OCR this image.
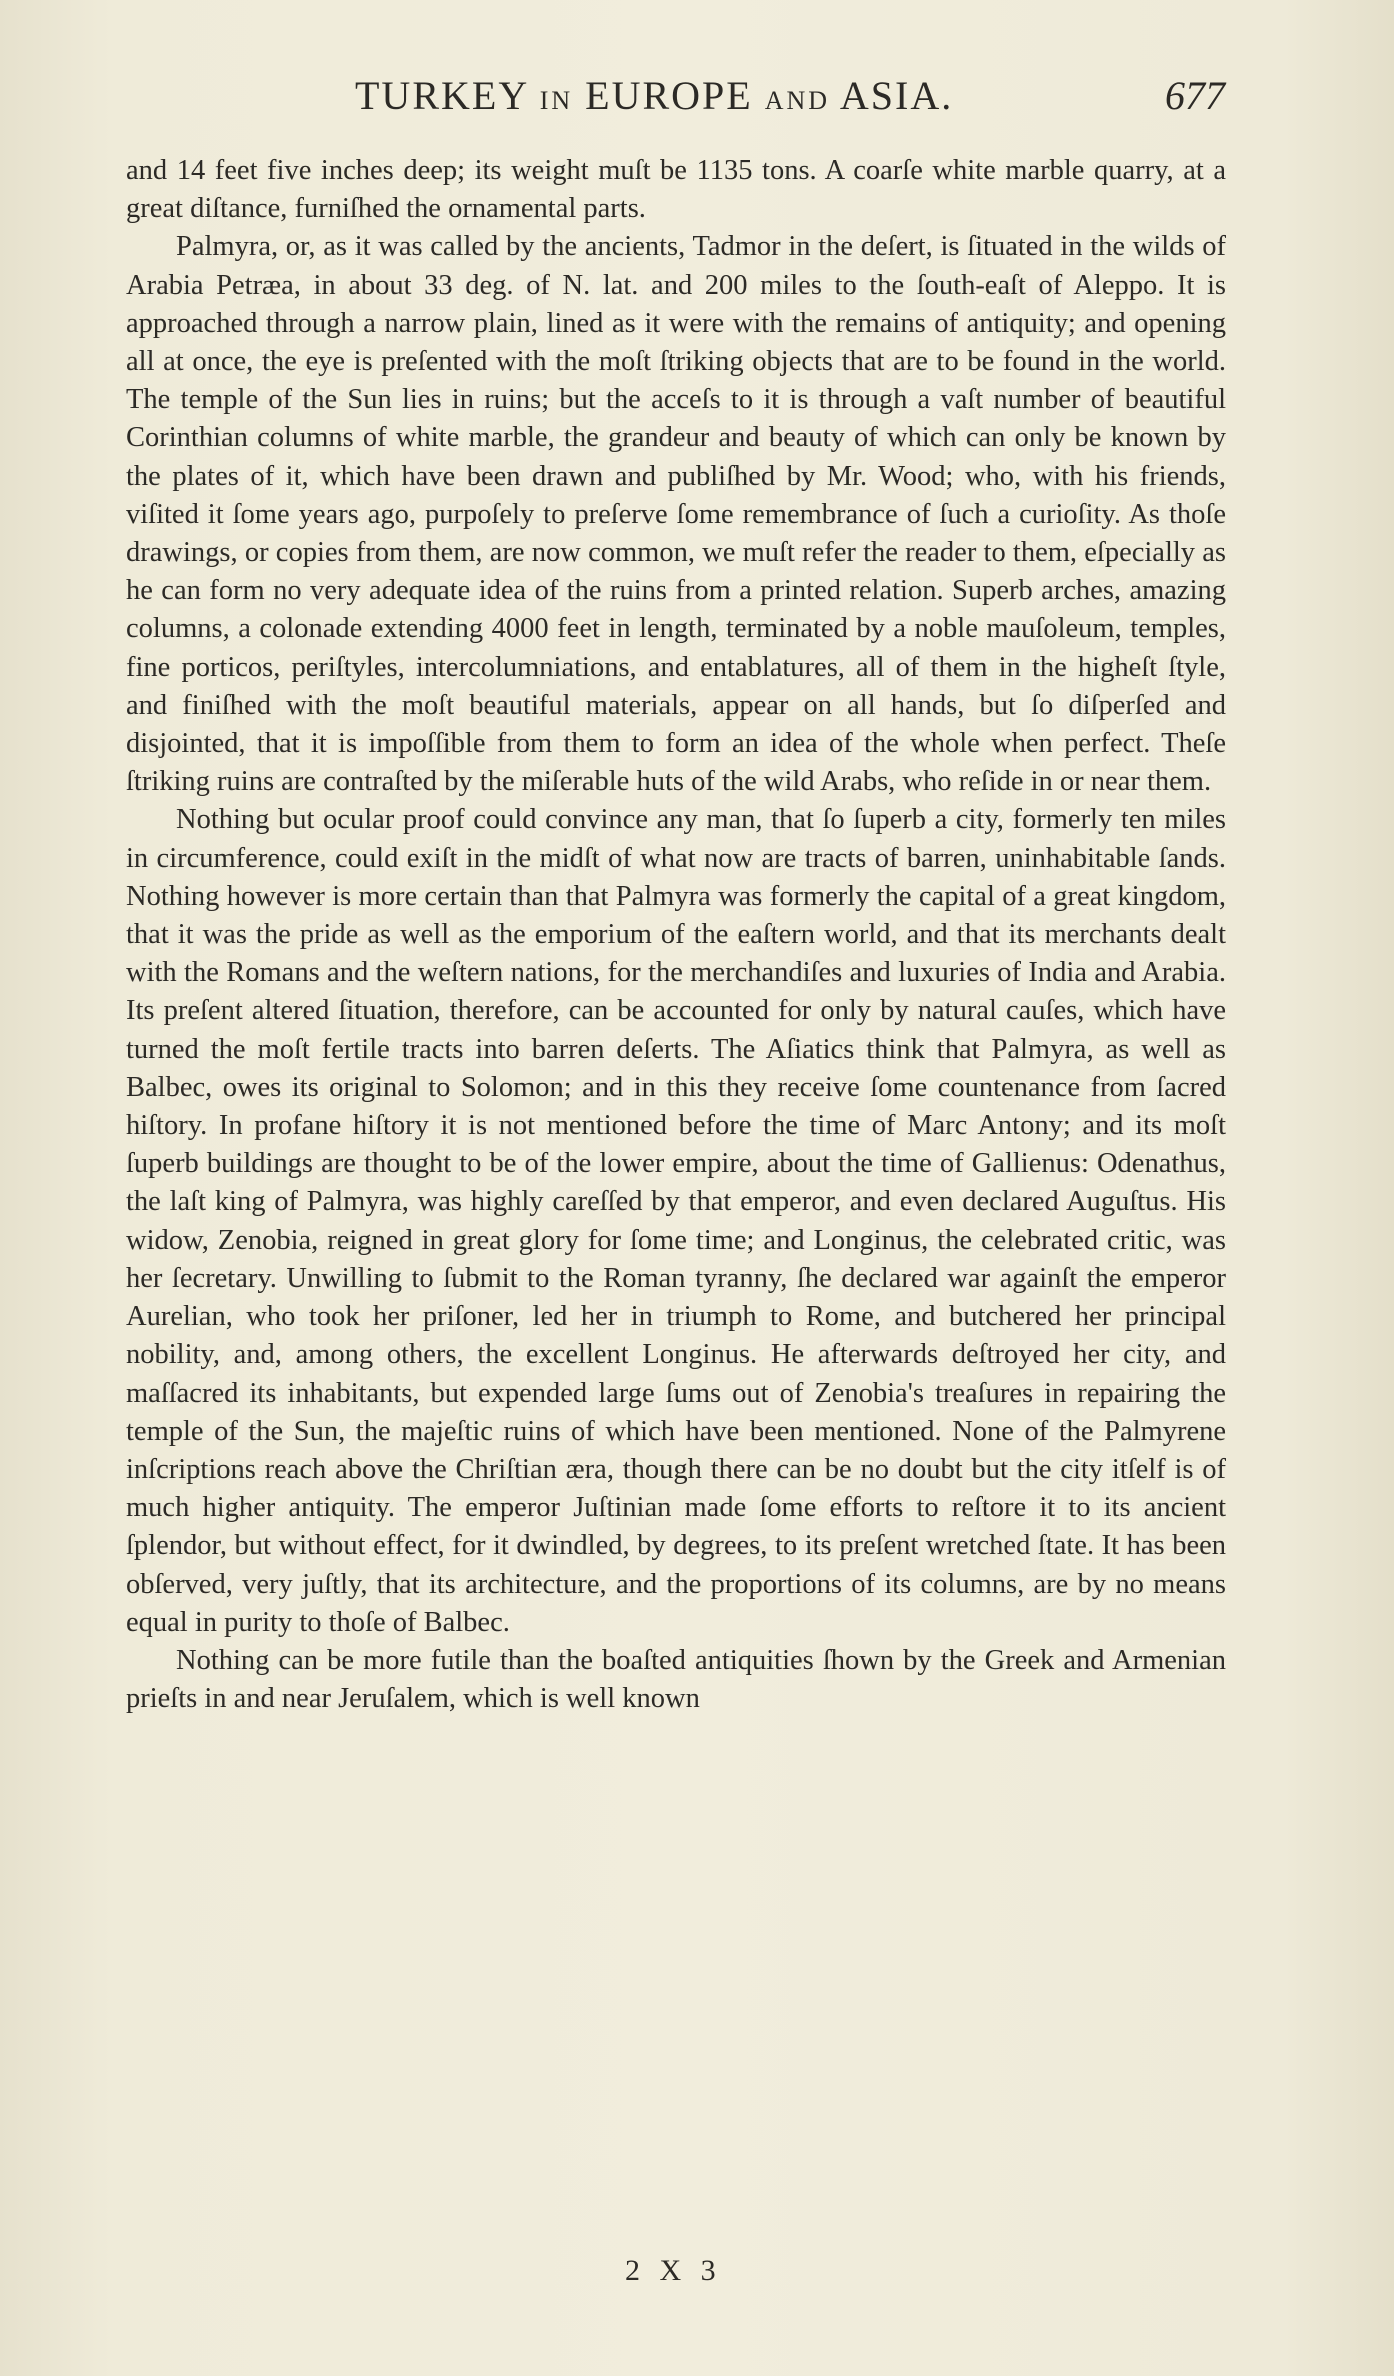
TURKEY IN EUROPE AND ASIA.	677

and 14 feet five inches deep; its weight muſt be 1135 tons. A coarſe white marble quarry, at a great diſtance, furniſhed the ornamental parts.

Palmyra, or, as it was called by the ancients, Tadmor in the deſert, is ſituated in the wilds of Arabia Petræa, in about 33 deg. of N. lat. and 200 miles to the ſouth-eaſt of Aleppo. It is approached through a narrow plain, lined as it were with the remains of antiquity; and opening all at once, the eye is preſented with the moſt ſtriking objects that are to be found in the world. The temple of the Sun lies in ruins; but the acceſs to it is through a vaſt number of beautiful Corinthian columns of white marble, the grandeur and beauty of which can only be known by the plates of it, which have been drawn and publiſhed by Mr. Wood; who, with his friends, viſited it ſome years ago, purpoſely to preſerve ſome remembrance of ſuch a curioſity. As thoſe drawings, or copies from them, are now common, we muſt refer the reader to them, eſpecially as he can form no very adequate idea of the ruins from a printed relation. Superb arches, amazing columns, a colonade extending 4000 feet in length, terminated by a noble mauſoleum, temples, fine porticos, periſtyles, intercolumniations, and entablatures, all of them in the higheſt ſtyle, and finiſhed with the moſt beautiful materials, appear on all hands, but ſo diſperſed and disjointed, that it is impoſſible from them to form an idea of the whole when perfect. Theſe ſtriking ruins are contraſted by the miſerable huts of the wild Arabs, who reſide in or near them.

Nothing but ocular proof could convince any man, that ſo ſuperb a city, formerly ten miles in circumference, could exiſt in the midſt of what now are tracts of barren, uninhabitable ſands. Nothing however is more certain than that Palmyra was formerly the capital of a great kingdom, that it was the pride as well as the emporium of the eaſtern world, and that its merchants dealt with the Romans and the weſtern nations, for the merchandiſes and luxuries of India and Arabia. Its preſent altered ſituation, therefore, can be accounted for only by natural cauſes, which have turned the moſt fertile tracts into barren deſerts. The Aſiatics think that Palmyra, as well as Balbec, owes its original to Solomon; and in this they receive ſome countenance from ſacred hiſtory. In profane hiſtory it is not mentioned before the time of Marc Antony; and its moſt ſuperb buildings are thought to be of the lower empire, about the time of Gallienus: Odenathus, the laſt king of Palmyra, was highly careſſed by that emperor, and even declared Auguſtus. His widow, Zenobia, reigned in great glory for ſome time; and Longinus, the celebrated critic, was her ſecretary. Unwilling to ſubmit to the Roman tyranny, ſhe declared war againſt the emperor Aurelian, who took her priſoner, led her in triumph to Rome, and butchered her principal nobility, and, among others, the excellent Longinus. He afterwards deſtroyed her city, and maſſacred its inhabitants, but expended large ſums out of Zenobia's treaſures in repairing the temple of the Sun, the majeſtic ruins of which have been mentioned. None of the Palmyrene inſcriptions reach above the Chriſtian æra, though there can be no doubt but the city itſelf is of much higher antiquity. The emperor Juſtinian made ſome efforts to reſtore it to its ancient ſplendor, but without effect, for it dwindled, by degrees, to its preſent wretched ſtate. It has been obſerved, very juſtly, that its architecture, and the proportions of its columns, are by no means equal in purity to thoſe of Balbec.

Nothing can be more futile than the boaſted antiquities ſhown by the Greek and Armenian prieſts in and near Jeruſalem, which is well known

2 X 3
